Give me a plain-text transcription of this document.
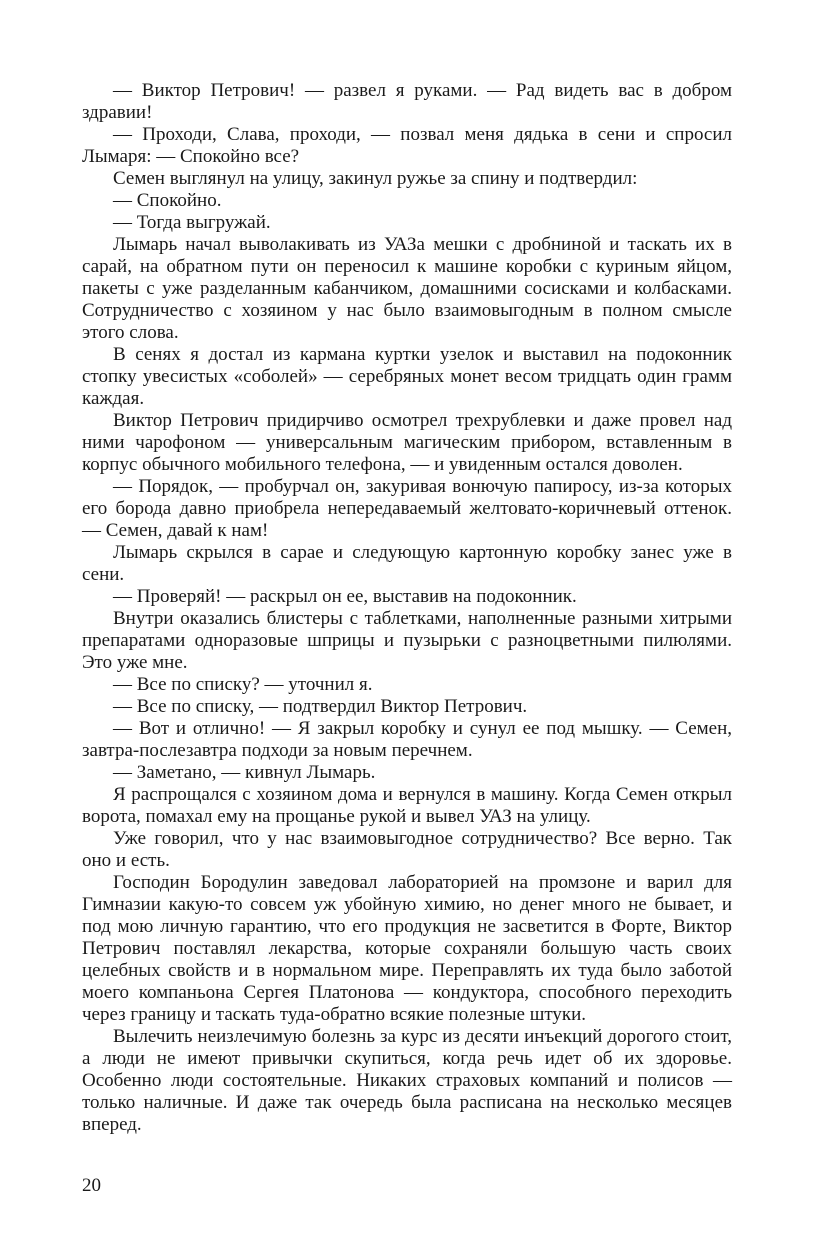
— Виктор Петрович! — развел я руками. — Рад видеть вас в добром здравии!

— Проходи, Слава, проходи, — позвал меня дядька в сени и спросил Лымаря: — Спокойно все?

Семен выглянул на улицу, закинул ружье за спину и подтвердил:

— Спокойно.

— Тогда выгружай.

Лымарь начал выволакивать из УАЗа мешки с дробниной и таскать их в сарай, на обратном пути он переносил к машине коробки с куриным яйцом, пакеты с уже разделанным кабанчиком, домашними сосисками и колбасками. Сотрудничество с хозяином у нас было взаимовыгодным в полном смысле этого слова.

В сенях я достал из кармана куртки узелок и выставил на подоконник стопку увесистых «соболей» — серебряных монет весом тридцать один грамм каждая.

Виктор Петрович придирчиво осмотрел трехрублевки и даже провел над ними чарофоном — универсальным магическим прибором, вставленным в корпус обычного мобильного телефона, — и увиденным остался доволен.

— Порядок, — пробурчал он, закуривая вонючую папиросу, из-за которых его борода давно приобрела непередаваемый желтовато-коричневый оттенок. — Семен, давай к нам!

Лымарь скрылся в сарае и следующую картонную коробку занес уже в сени.

— Проверяй! — раскрыл он ее, выставив на подоконник.

Внутри оказались блистеры с таблетками, наполненные разными хитрыми препаратами одноразовые шприцы и пузырьки с разноцветными пилюлями. Это уже мне.

— Все по списку? — уточнил я.

— Все по списку, — подтвердил Виктор Петрович.

— Вот и отлично! — Я закрыл коробку и сунул ее под мышку. — Семен, завтра-послезавтра подходи за новым перечнем.

— Заметано, — кивнул Лымарь.

Я распрощался с хозяином дома и вернулся в машину. Когда Семен открыл ворота, помахал ему на прощанье рукой и вывел УАЗ на улицу.

Уже говорил, что у нас взаимовыгодное сотрудничество? Все верно. Так оно и есть.

Господин Бородулин заведовал лабораторией на промзоне и варил для Гимназии какую-то совсем уж убойную химию, но денег много не бывает, и под мою личную гарантию, что его продукция не засветится в Форте, Виктор Петрович поставлял лекарства, которые сохраняли большую часть своих целебных свойств и в нормальном мире. Переправлять их туда было заботой моего компаньона Сергея Платонова — кондуктора, способного переходить через границу и таскать туда-обратно всякие полезные штуки.

Вылечить неизлечимую болезнь за курс из десяти инъекций дорогого стоит, а люди не имеют привычки скупиться, когда речь идет об их здоровье. Особенно люди состоятельные. Никаких страховых компаний и полисов — только наличные. И даже так очередь была расписана на несколько месяцев вперед.

20
